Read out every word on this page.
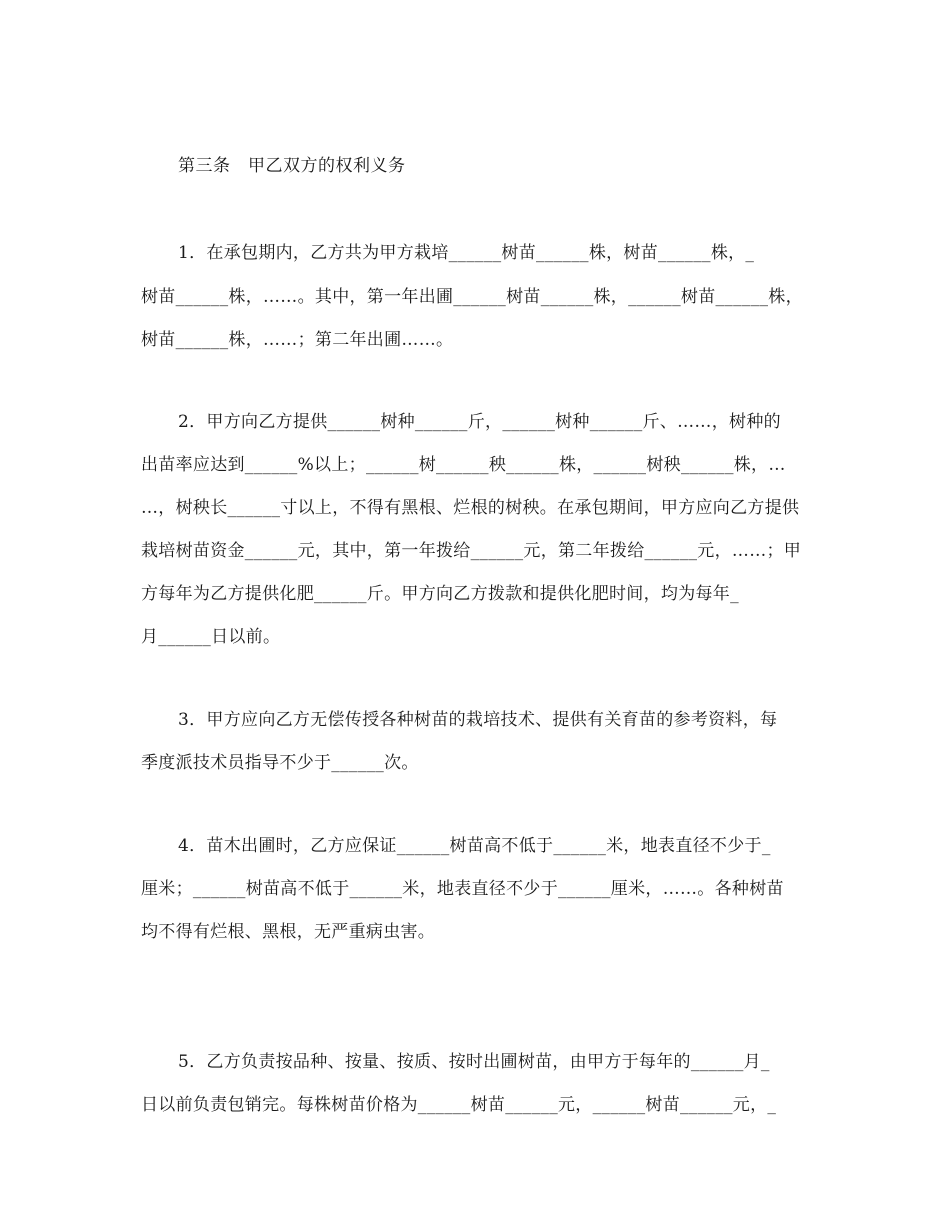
第三条　甲乙双方的权利义务
1．在承包期内，乙方共为甲方栽培______树苗______株，树苗______株，_
树苗______株，……。其中，第一年出圃______树苗______株，______树苗______株，
树苗______株，……；第二年出圃……。
2．甲方向乙方提供______树种______斤，______树种______斤、……，树种的
出苗率应达到______%以上；______树______秧______株，______树秧______株，…
…，树秧长______寸以上，不得有黑根、烂根的树秧。在承包期间，甲方应向乙方提供
栽培树苗资金______元，其中，第一年拨给______元，第二年拨给______元，……；甲
方每年为乙方提供化肥______斤。甲方向乙方拨款和提供化肥时间，均为每年_
月______日以前。
3．甲方应向乙方无偿传授各种树苗的栽培技术、提供有关育苗的参考资料，每
季度派技术员指导不少于______次。
4．苗木出圃时，乙方应保证______树苗高不低于______米，地表直径不少于_
厘米；______树苗高不低于______米，地表直径不少于______厘米，……。各种树苗
均不得有烂根、黑根，无严重病虫害。
5．乙方负责按品种、按量、按质、按时出圃树苗，由甲方于每年的______月_
日以前负责包销完。每株树苗价格为______树苗______元，______树苗______元，_
